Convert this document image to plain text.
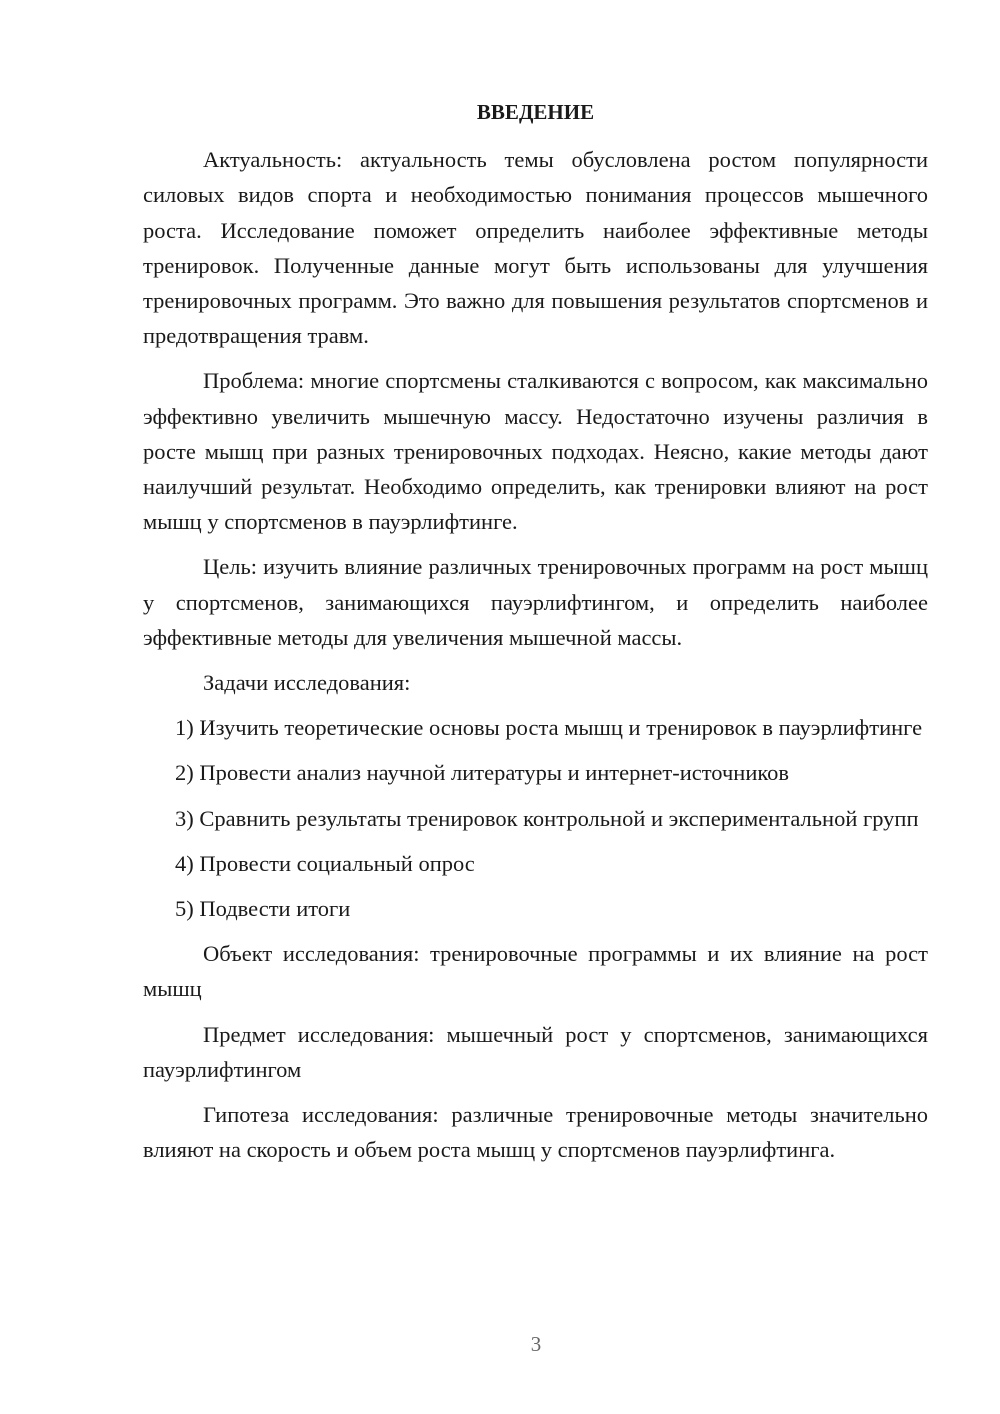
ВВЕДЕНИЕ

Актуальность: актуальность темы обусловлена ростом популярности силовых видов спорта и необходимостью понимания процессов мышечного роста. Исследование поможет определить наиболее эффективные методы тренировок. Полученные данные могут быть использованы для улучшения тренировочных программ. Это важно для повышения результатов спортсменов и предотвращения травм.

Проблема: многие спортсмены сталкиваются с вопросом, как максимально эффективно увеличить мышечную массу. Недостаточно изучены различия в росте мышц при разных тренировочных подходах. Неясно, какие методы дают наилучший результат. Необходимо определить, как тренировки влияют на рост мышц у спортсменов в пауэрлифтинге.

Цель: изучить влияние различных тренировочных программ на рост мышц у спортсменов, занимающихся пауэрлифтингом, и определить наиболее эффективные методы для увеличения мышечной массы.

Задачи исследования:

1) Изучить теоретические основы роста мышц и тренировок в пауэрлифтинге

2) Провести анализ научной литературы и интернет-источников

3) Сравнить результаты тренировок контрольной и экспериментальной групп

4) Провести социальный опрос

5) Подвести итоги

Объект исследования: тренировочные программы и их влияние на рост мышц

Предмет исследования: мышечный рост у спортсменов, занимающихся пауэрлифтингом

Гипотеза исследования: различные тренировочные методы значительно влияют на скорость и объем роста мышц у спортсменов пауэрлифтинга.

3
